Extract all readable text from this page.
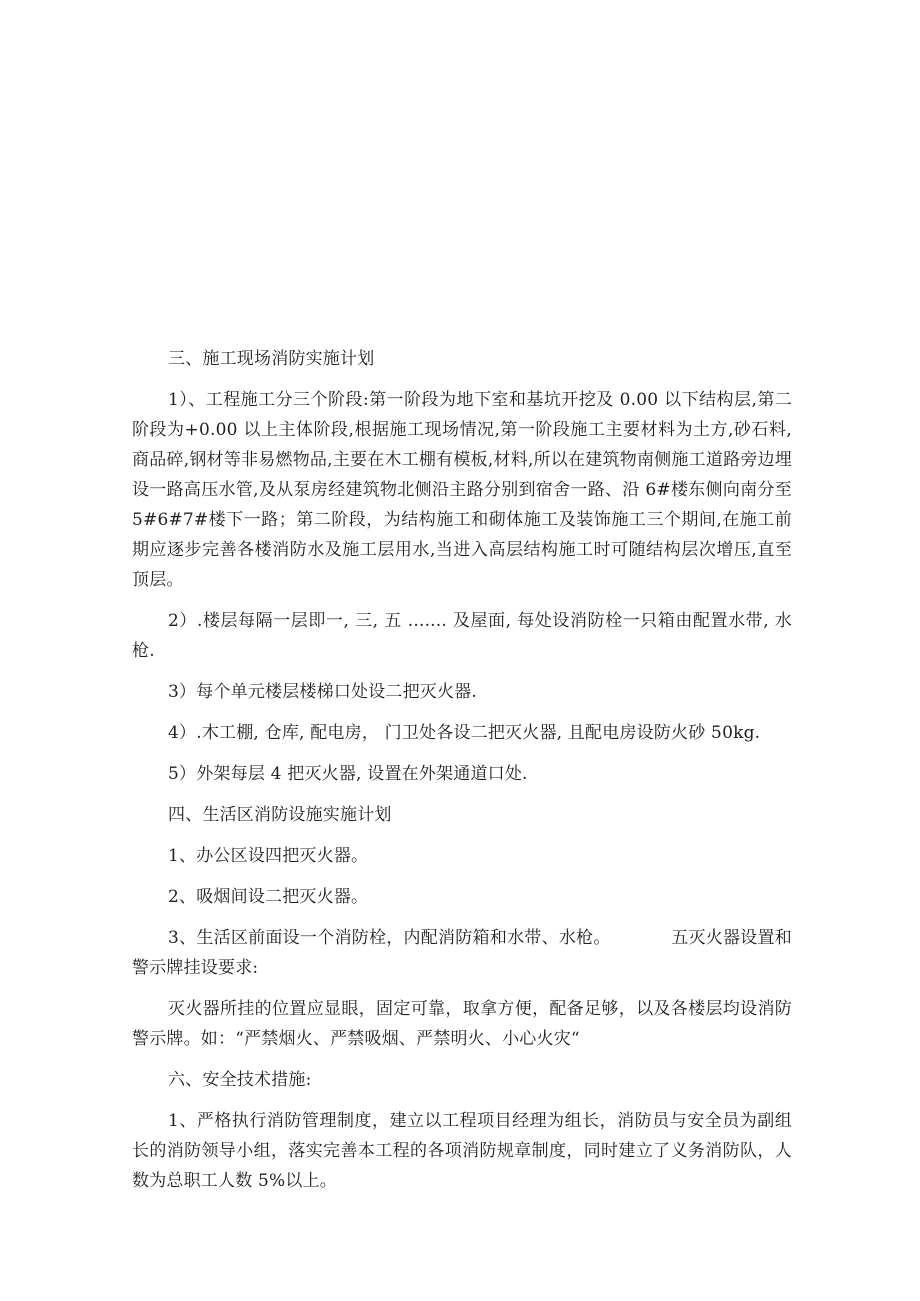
三、施工现场消防实施计划

1）、工程施工分三个阶段:第一阶段为地下室和基坑开挖及 0.00 以下结构层,第二阶段为+0.00 以上主体阶段,根据施工现场情况,第一阶段施工主要材料为土方,砂石料,商品碎,钢材等非易燃物品,主要在木工棚有模板,材料,所以在建筑物南侧施工道路旁边埋设一路高压水管,及从泵房经建筑物北侧沿主路分别到宿舍一路、沿 6#楼东侧向南分至5#6#7#楼下一路；第二阶段，为结构施工和砌体施工及装饰施工三个期间,在施工前期应逐步完善各楼消防水及施工层用水,当进入高层结构施工时可随结构层次增压,直至顶层。

2）.楼层每隔一层即一, 三, 五 ....... 及屋面, 每处设消防栓一只箱由配置水带, 水枪.

3）每个单元楼层楼梯口处设二把灭火器.

4）.木工棚, 仓库, 配电房， 门卫处各设二把灭火器, 且配电房设防火砂 50kg.

5）外架每层 4 把灭火器, 设置在外架通道口处.

四、生活区消防设施实施计划

1、办公区设四把灭火器。

2、吸烟间设二把灭火器。

3、生活区前面设一个消防栓，内配消防箱和水带、水枪。　　　　五灭火器设置和警示牌挂设要求:

灭火器所挂的位置应显眼，固定可靠，取拿方便，配备足够，以及各楼层均设消防警示牌。如：“严禁烟火、严禁吸烟、严禁明火、小心火灾“

六、安全技术措施:

1、严格执行消防管理制度，建立以工程项目经理为组长，消防员与安全员为副组长的消防领导小组，落实完善本工程的各项消防规章制度，同时建立了义务消防队，人数为总职工人数 5%以上。
